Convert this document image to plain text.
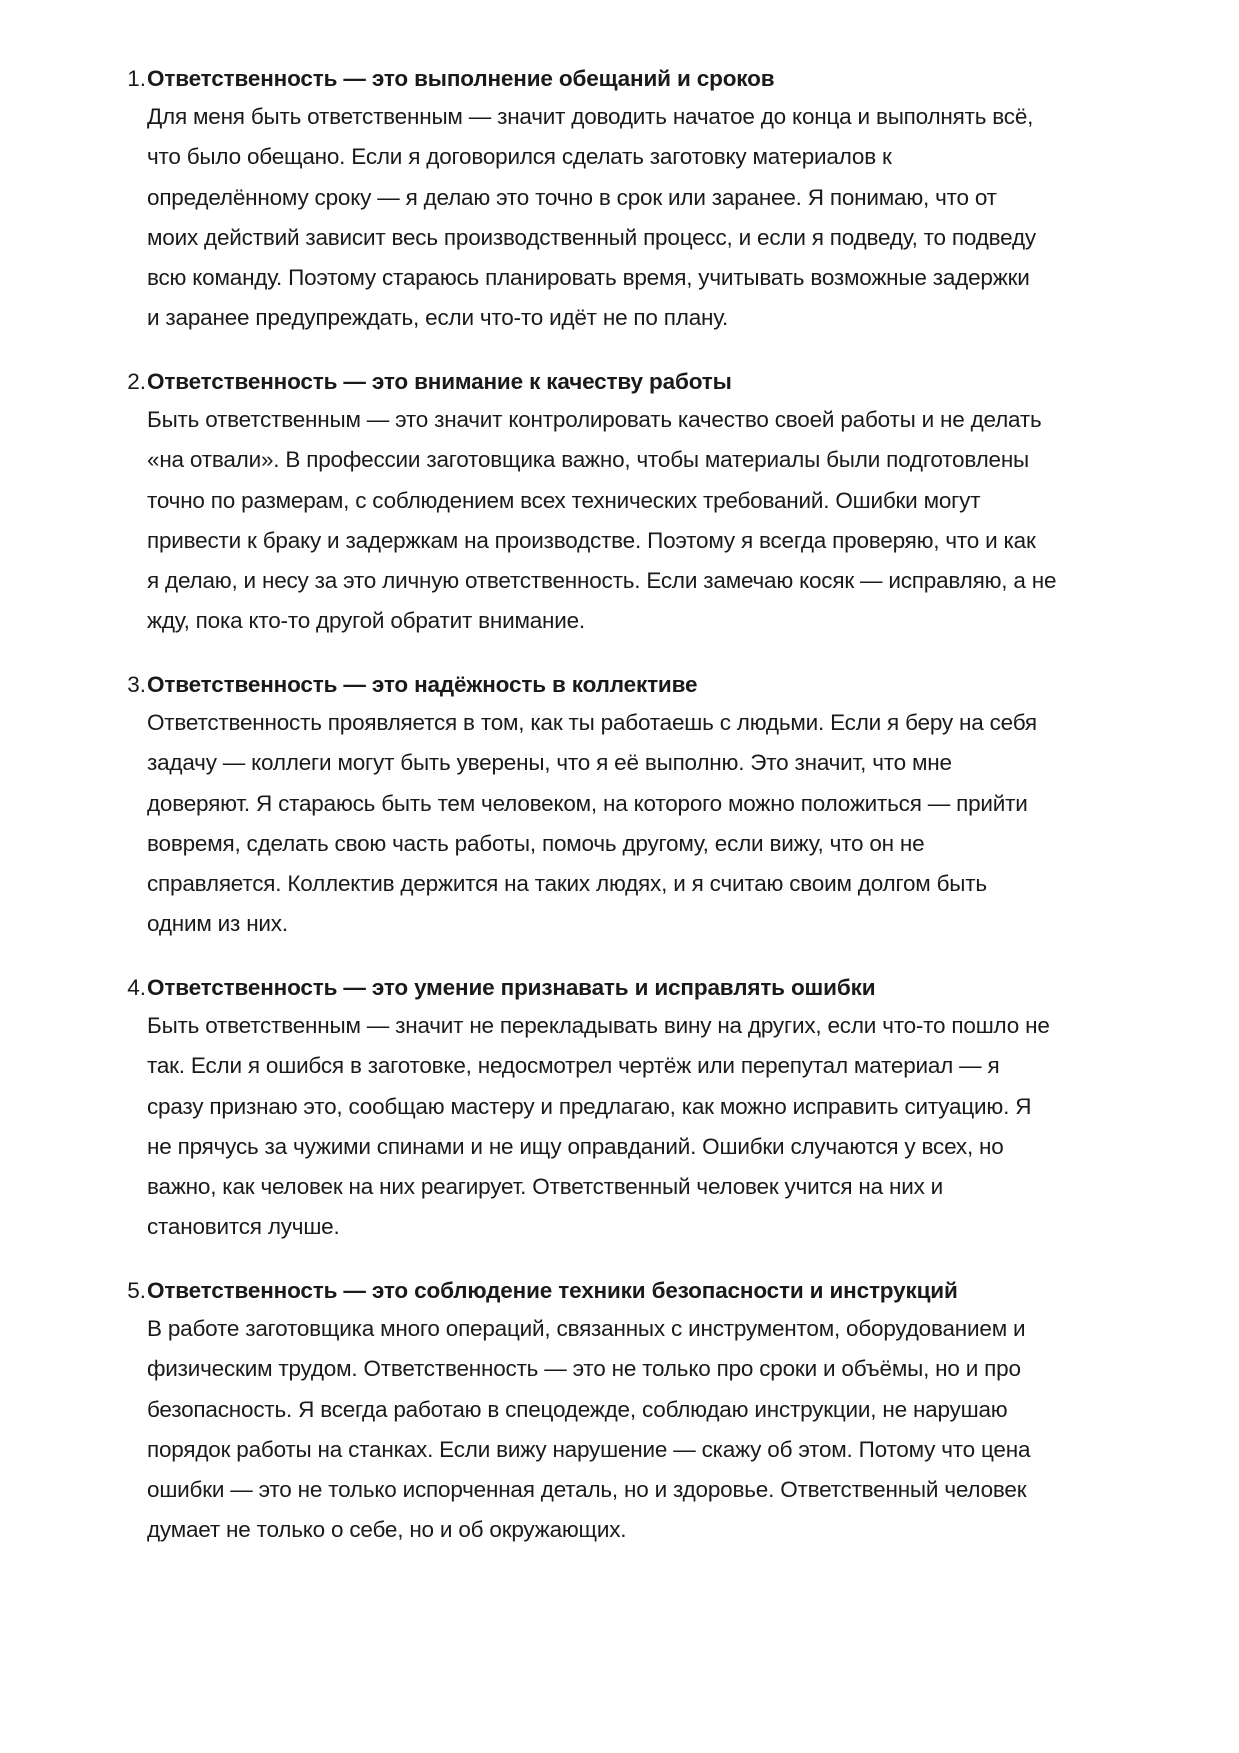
1. Ответственность — это выполнение обещаний и сроков
Для меня быть ответственным — значит доводить начатое до конца и выполнять всё,
что было обещано. Если я договорился сделать заготовку материалов к
определённому сроку — я делаю это точно в срок или заранее. Я понимаю, что от
моих действий зависит весь производственный процесс, и если я подведу, то подведу
всю команду. Поэтому стараюсь планировать время, учитывать возможные задержки
и заранее предупреждать, если что-то идёт не по плану.
2. Ответственность — это внимание к качеству работы
Быть ответственным — это значит контролировать качество своей работы и не делать
«на отвали». В профессии заготовщика важно, чтобы материалы были подготовлены
точно по размерам, с соблюдением всех технических требований. Ошибки могут
привести к браку и задержкам на производстве. Поэтому я всегда проверяю, что и как
я делаю, и несу за это личную ответственность. Если замечаю косяк — исправляю, а не
жду, пока кто-то другой обратит внимание.
3. Ответственность — это надёжность в коллективе
Ответственность проявляется в том, как ты работаешь с людьми. Если я беру на себя
задачу — коллеги могут быть уверены, что я её выполню. Это значит, что мне
доверяют. Я стараюсь быть тем человеком, на которого можно положиться — прийти
вовремя, сделать свою часть работы, помочь другому, если вижу, что он не
справляется. Коллектив держится на таких людях, и я считаю своим долгом быть
одним из них.
4. Ответственность — это умение признавать и исправлять ошибки
Быть ответственным — значит не перекладывать вину на других, если что-то пошло не
так. Если я ошибся в заготовке, недосмотрел чертёж или перепутал материал — я
сразу признаю это, сообщаю мастеру и предлагаю, как можно исправить ситуацию. Я
не прячусь за чужими спинами и не ищу оправданий. Ошибки случаются у всех, но
важно, как человек на них реагирует. Ответственный человек учится на них и
становится лучше.
5. Ответственность — это соблюдение техники безопасности и инструкций
В работе заготовщика много операций, связанных с инструментом, оборудованием и
физическим трудом. Ответственность — это не только про сроки и объёмы, но и про
безопасность. Я всегда работаю в спецодежде, соблюдаю инструкции, не нарушаю
порядок работы на станках. Если вижу нарушение — скажу об этом. Потому что цена
ошибки — это не только испорченная деталь, но и здоровье. Ответственный человек
думает не только о себе, но и об окружающих.
